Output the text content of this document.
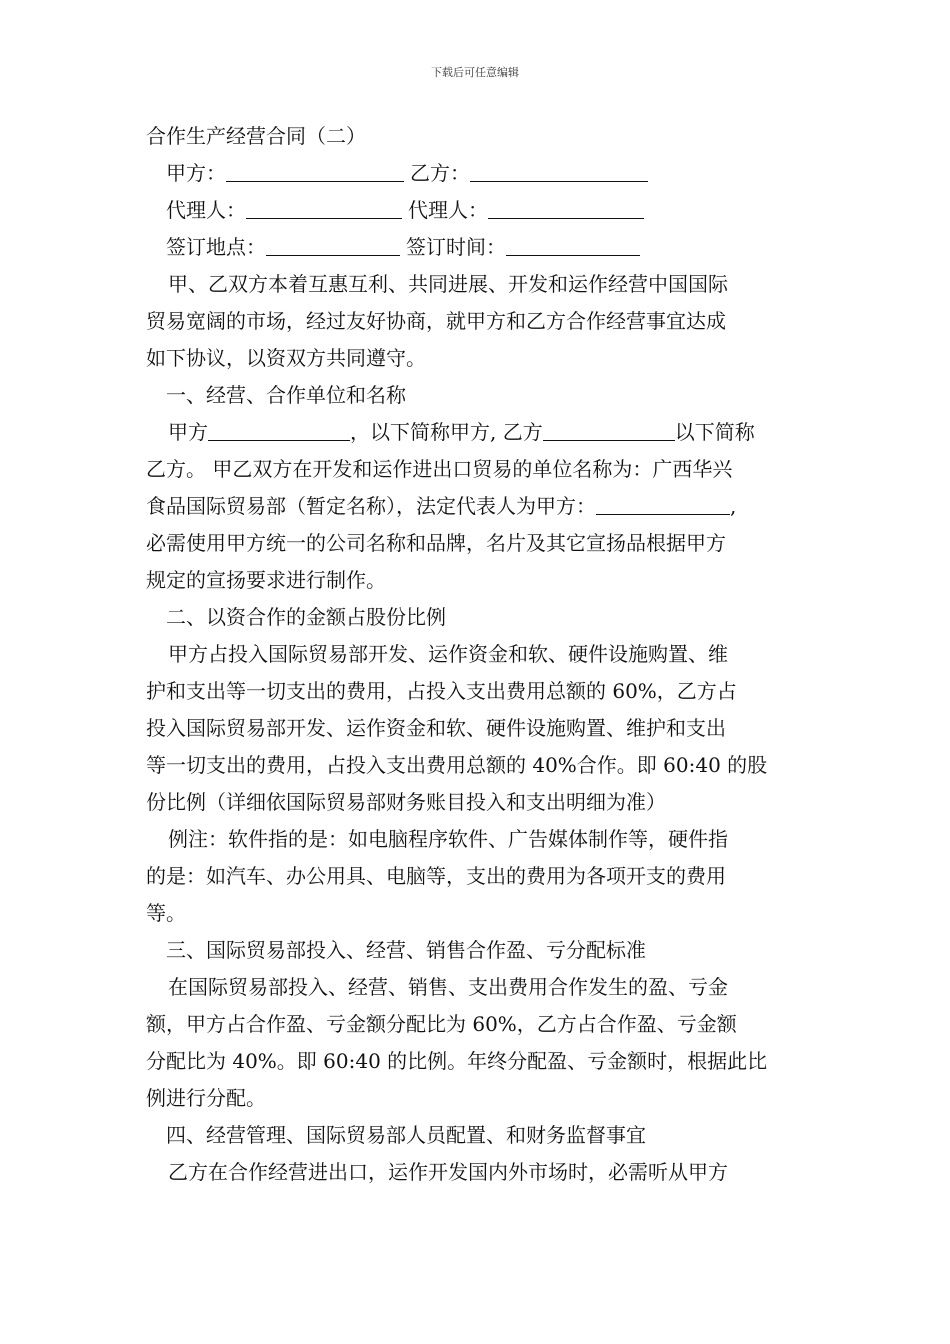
下载后可任意编辑
合作生产经营合同（二）
甲方：	乙方：
代理人：	代理人：
签订地点：	签订时间：
甲、乙双方本着互惠互利、共同进展、开发和运作经营中国国际
贸易宽阔的市场，经过友好协商，就甲方和乙方合作经营事宜达成
如下协议，以资双方共同遵守。
一、经营、合作单位和名称
甲方	，以下简称甲方, 乙方	以下简称
乙方。 甲乙双方在开发和运作进出口贸易的单位名称为：广西华兴
食品国际贸易部（暂定名称），法定代表人为甲方：	,
必需使用甲方统一的公司名称和品牌，名片及其它宣扬品根据甲方
规定的宣扬要求进行制作。
二、以资合作的金额占股份比例
甲方占投入国际贸易部开发、运作资金和软、硬件设施购置、维
护和支出等一切支出的费用，占投入支出费用总额的 60%，乙方占
投入国际贸易部开发、运作资金和软、硬件设施购置、维护和支出
等一切支出的费用，占投入支出费用总额的 40%合作。即 60:40 的股
份比例（详细依国际贸易部财务账目投入和支出明细为准）
例注：软件指的是：如电脑程序软件、广告媒体制作等，硬件指
的是：如汽车、办公用具、电脑等，支出的费用为各项开支的费用
等。
三、国际贸易部投入、经营、销售合作盈、亏分配标准
在国际贸易部投入、经营、销售、支出费用合作发生的盈、亏金
额，甲方占合作盈、亏金额分配比为 60%，乙方占合作盈、亏金额
分配比为 40%。即 60:40 的比例。年终分配盈、亏金额时，根据此比
例进行分配。
四、经营管理、国际贸易部人员配置、和财务监督事宜
乙方在合作经营进出口，运作开发国内外市场时，必需听从甲方
